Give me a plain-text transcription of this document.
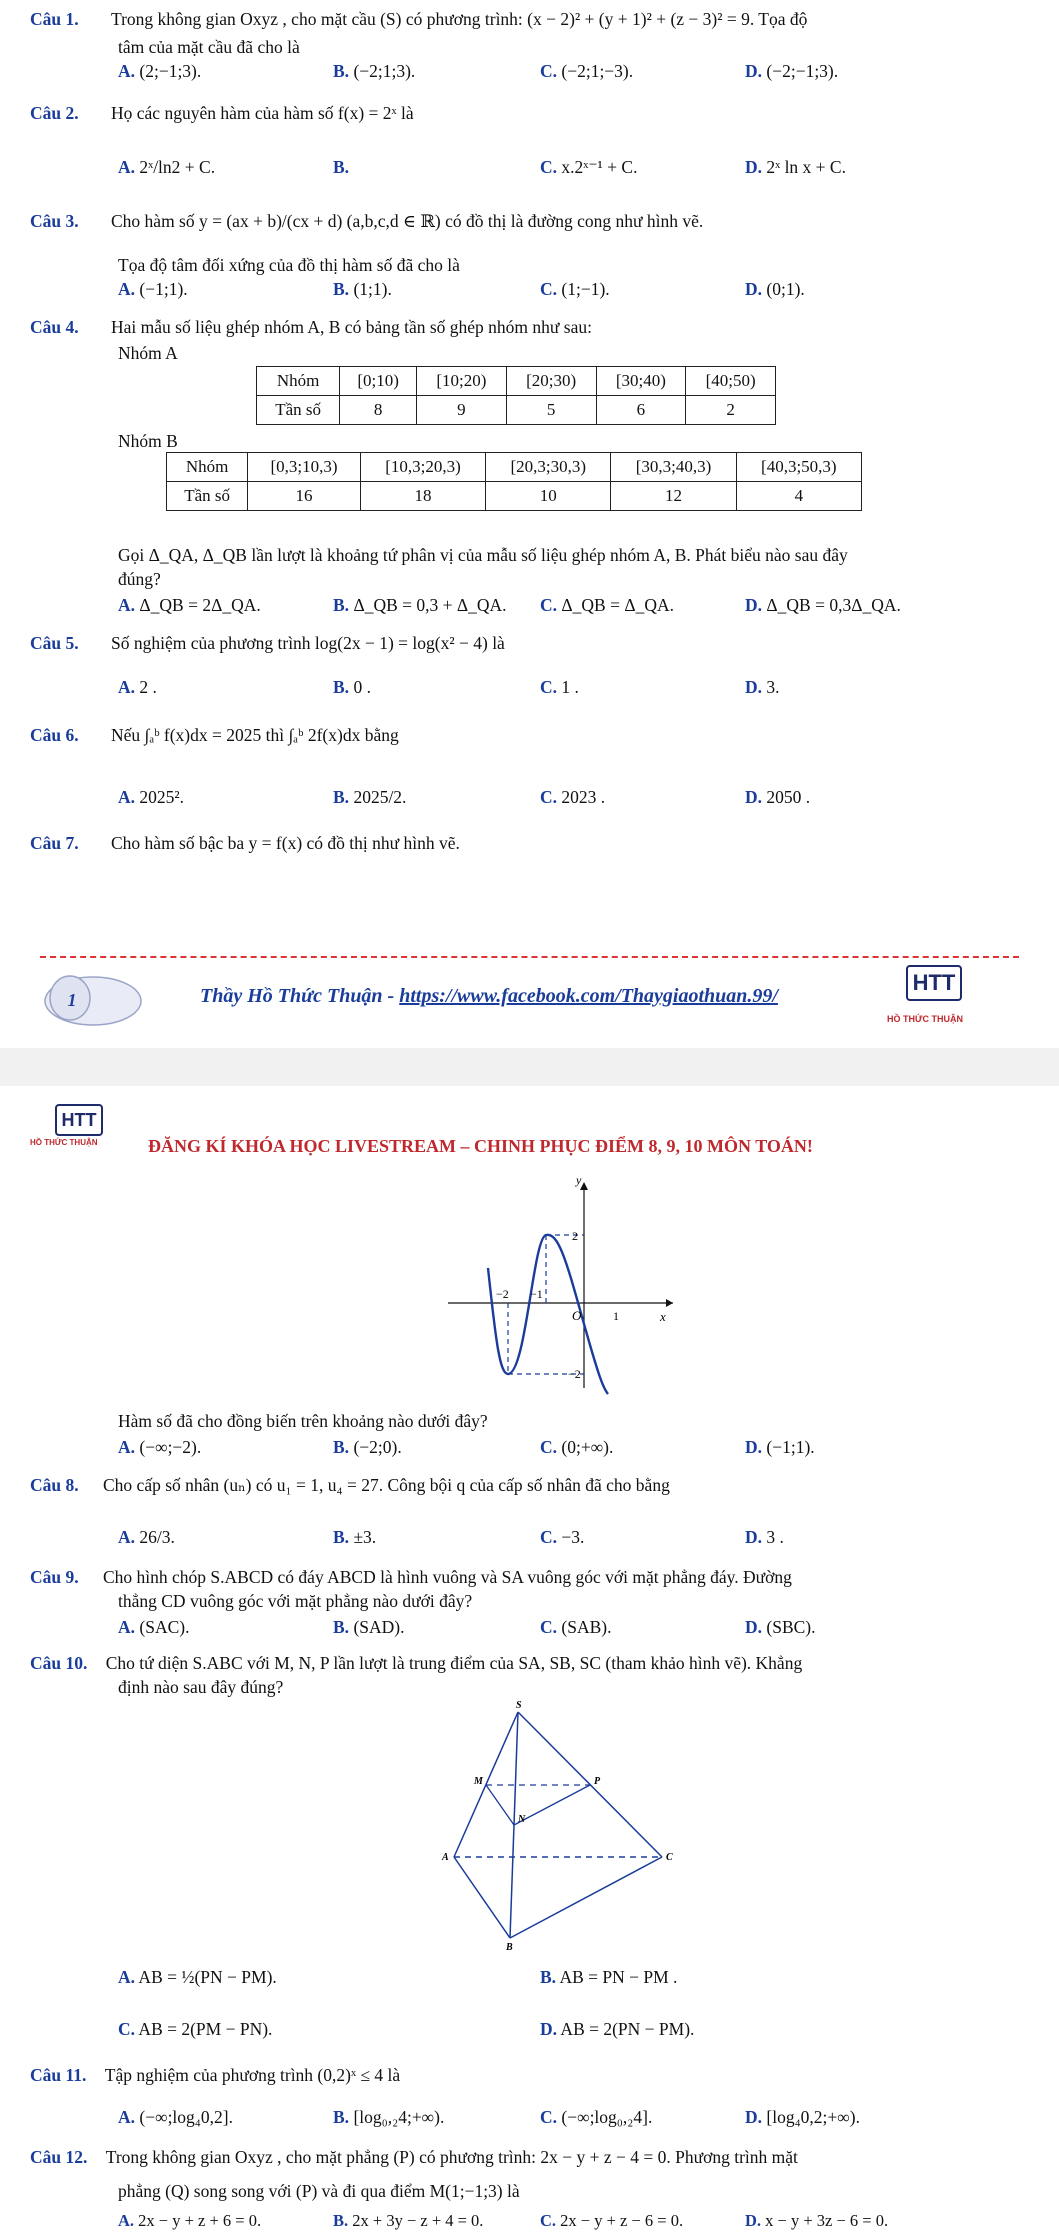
Câu 1. Trong không gian Oxyz , cho mặt cầu (S) có phương trình: (x − 2)² + (y + 1)² + (z − 3)² = 9. Tọa độ
tâm của mặt cầu đã cho là
A. (2;−1;3).	B. (−2;1;3).	C. (−2;1;−3).	D. (−2;−1;3).
Câu 2. Họ các nguyên hàm của hàm số f(x) = 2ˣ là
A. 2ˣ/ln2 + C.	B.	C. x.2ˣ⁻¹ + C.	D. 2ˣ ln x + C.
Câu 3. Cho hàm số y = (ax + b)/(cx + d) (a,b,c,d ∈ ℝ) có đồ thị là đường cong như hình vẽ.
Tọa độ tâm đối xứng của đồ thị hàm số đã cho là
A. (−1;1).	B. (1;1).	C. (1;−1).	D. (0;1).
Câu 4. Hai mẫu số liệu ghép nhóm A, B có bảng tần số ghép nhóm như sau:
Nhóm A
Nhóm	[0;10)	[10;20)	[20;30)	[30;40)	[40;50)
Tần số	8	9	5	6	2
Nhóm B
Nhóm	[0,3;10,3)	[10,3;20,3)	[20,3;30,3)	[30,3;40,3)	[40,3;50,3)
Tần số	16	18	10	12	4
Gọi Δ_QA, Δ_QB lần lượt là khoảng tứ phân vị của mẫu số liệu ghép nhóm A, B. Phát biểu nào sau đây
đúng?
A. Δ_QB = 2Δ_QA.	B. Δ_QB = 0,3 + Δ_QA. C. Δ_QB = Δ_QA.	D. Δ_QB = 0,3Δ_QA.
Câu 5. Số nghiệm của phương trình log(2x − 1) = log(x² − 4) là
A. 2 .	B. 0 .	C. 1 .	D. 3.
Câu 6. Nếu ∫ₐᵇ f(x)dx = 2025 thì ∫ₐᵇ 2f(x)dx bằng
A. 2025².	B. 2025/2.	C. 2023 .	D. 2050 .
Câu 7. Cho hàm số bậc ba y = f(x) có đồ thị như hình vẽ.
1	Thầy Hồ Thức Thuận - https://www.facebook.com/Thaygiaothuan.99/
HTT
HỒ THỨC THUẬN
HTT
HỒ THỨC THUẬN	ĐĂNG KÍ KHÓA HỌC LIVESTREAM – CHINH PHỤC ĐIỂM 8, 9, 10 MÔN TOÁN!
y
x
O
2
−2
−2 −1
1
Hàm số đã cho đồng biến trên khoảng nào dưới đây?
A. (−∞;−2).	B. (−2;0).	C. (0;+∞).	D. (−1;1).
Câu 8. Cho cấp số nhân (uₙ) có u₁ = 1, u₄ = 27. Công bội q của cấp số nhân đã cho bằng
A. 26/3.	B. ±3.	C. −3.	D. 3 .
Câu 9. Cho hình chóp S.ABCD có đáy ABCD là hình vuông và SA vuông góc với mặt phẳng đáy. Đường
thẳng CD vuông góc với mặt phẳng nào dưới đây?
A. (SAC).	B. (SAD).	C. (SAB).	D. (SBC).
Câu 10. Cho tứ diện S.ABC với M, N, P lần lượt là trung điểm của SA, SB, SC (tham khảo hình vẽ). Khẳng
định nào sau đây đúng?
S
M	P
N
A
B
C
A. AB = ½(PN − PM).	B. AB = PN − PM .
C. AB = 2(PM − PN).	D. AB = 2(PN − PM).
Câu 11. Tập nghiệm của phương trình (0,2)ˣ ≤ 4 là
A. (−∞;log₄0,2].	B. [log₀,₂4;+∞).	C. (−∞;log₀,₂4].	D. [log₄0,2;+∞).
Câu 12. Trong không gian Oxyz , cho mặt phẳng (P) có phương trình: 2x − y + z − 4 = 0. Phương trình mặt
phẳng (Q) song song với (P) và đi qua điểm M(1;−1;3) là
A. 2x − y + z + 6 = 0.	B. 2x + 3y − z + 4 = 0.	C. 2x − y + z − 6 = 0.	D. x − y + 3z − 6 = 0.
